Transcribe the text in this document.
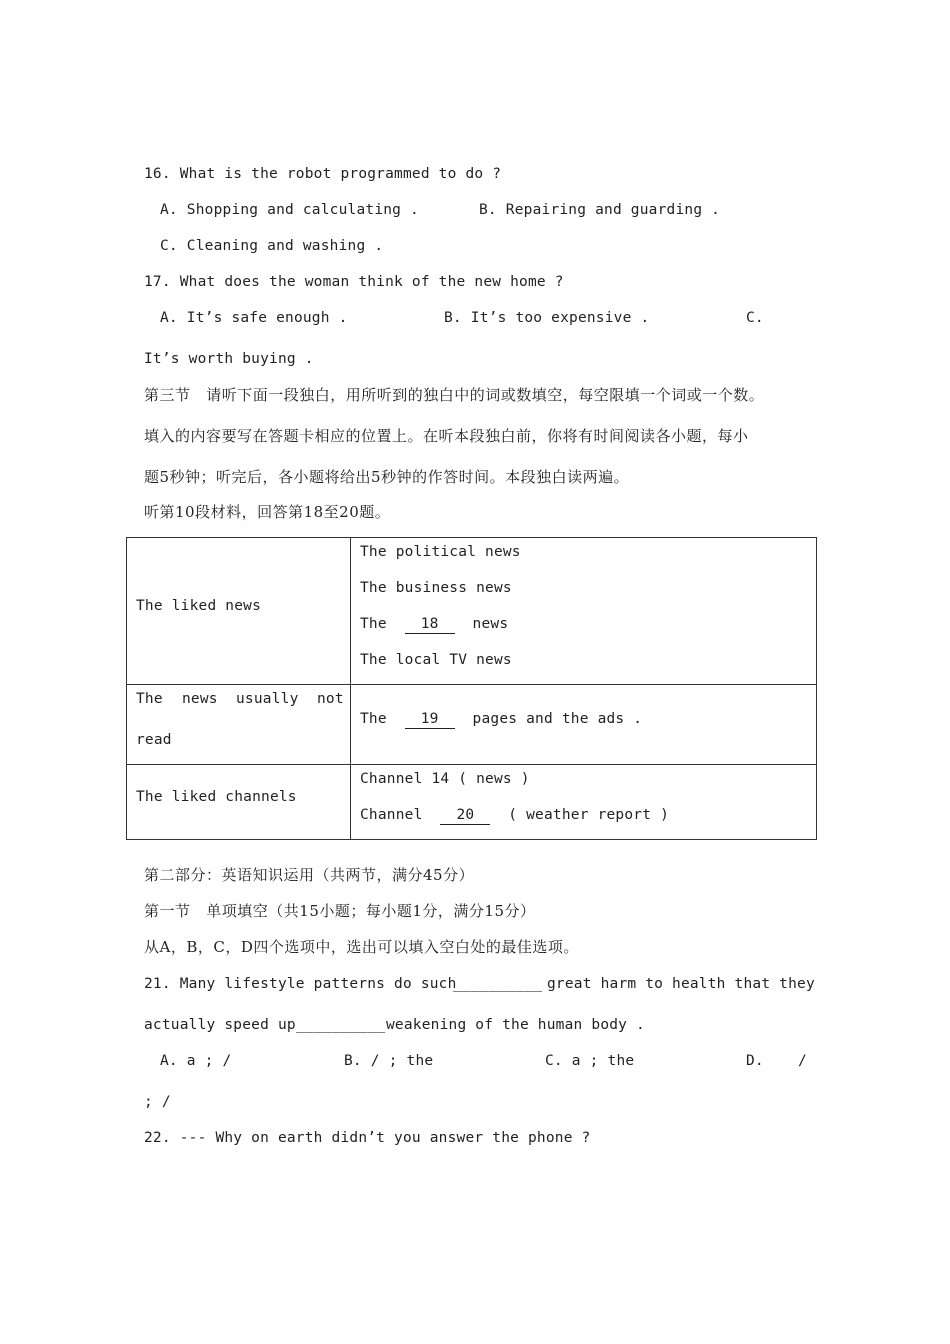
16. What is the robot programmed to do ?
A. Shopping and calculating .	B. Repairing and guarding .
C. Cleaning and washing .
17. What does the woman think of the new home ?
A. It’s safe enough .	B. It’s too expensive .	C.
It’s worth buying .
第三节   请听下面一段独白，用所听到的独白中的词或数填空，每空限填一个词或一个数。
填入的内容要写在答题卡相应的位置上。在听本段独白前，你将有时间阅读各小题，每小
题5秒钟；听完后，各小题将给出5秒钟的作答时间。本段独白读两遍。
听第10段材料，回答第18至20题。
The liked news	The political news
The business news
The 18 news
The local TV news

The news usually not
read	The 19 pages and the ads .

The liked channels	Channel 14 ( news )
Channel 20 ( weather report )
第二部分：英语知识运用（共两节，满分45分）
第一节   单项填空（共15小题；每小题1分，满分15分）
从A，B，C，D四个选项中，选出可以填入空白处的最佳选项。
21. Many lifestyle patterns do such
__________ great harm to health that they
actually speed up __________ weakening of the human body .
A. a ; /	B. / ; the	C. a ; the	D. /
; /
22. --- Why on earth didn’t you answer the phone ?
